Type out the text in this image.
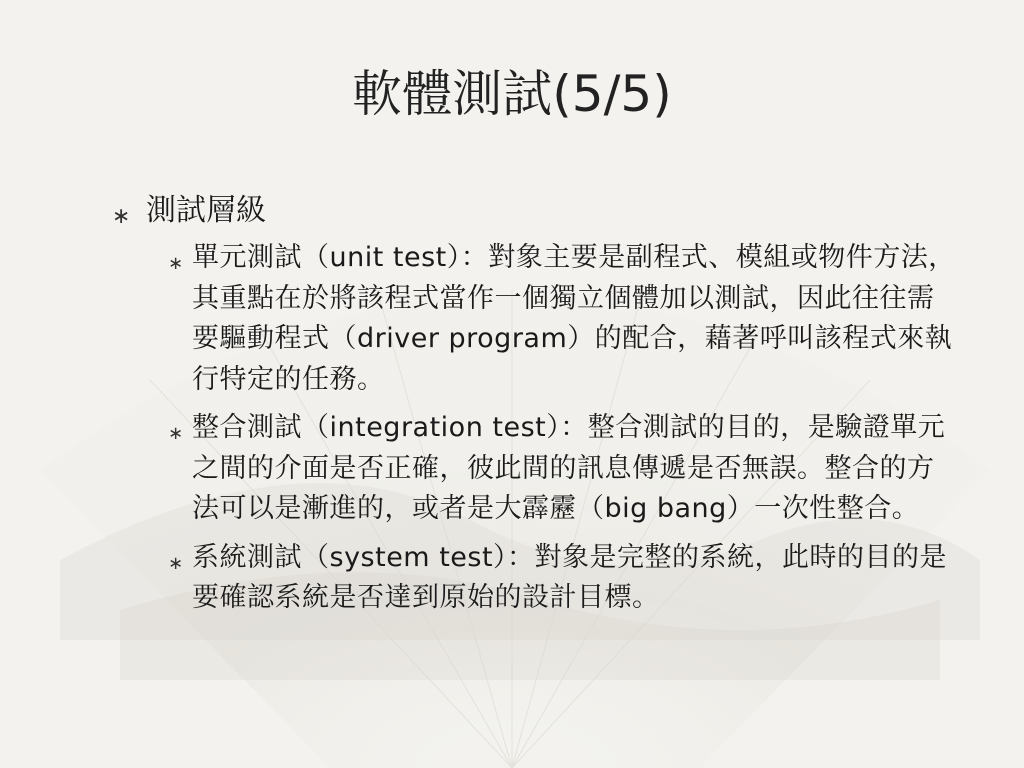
軟體測試(5/5)
∗ 測試層級
∗ 單元測試（unit test）：對象主要是副程式、模組或物件方法，其重點在於將該程式當作一個獨立個體加以測試，因此往往需要驅動程式（driver program）的配合，藉著呼叫該程式來執行特定的任務。
∗ 整合測試（integration test）：整合測試的目的，是驗證單元之間的介面是否正確，彼此間的訊息傳遞是否無誤。整合的方法可以是漸進的，或者是大霹靂（big bang）一次性整合。
∗ 系統測試（system test）：對象是完整的系統，此時的目的是要確認系統是否達到原始的設計目標。
